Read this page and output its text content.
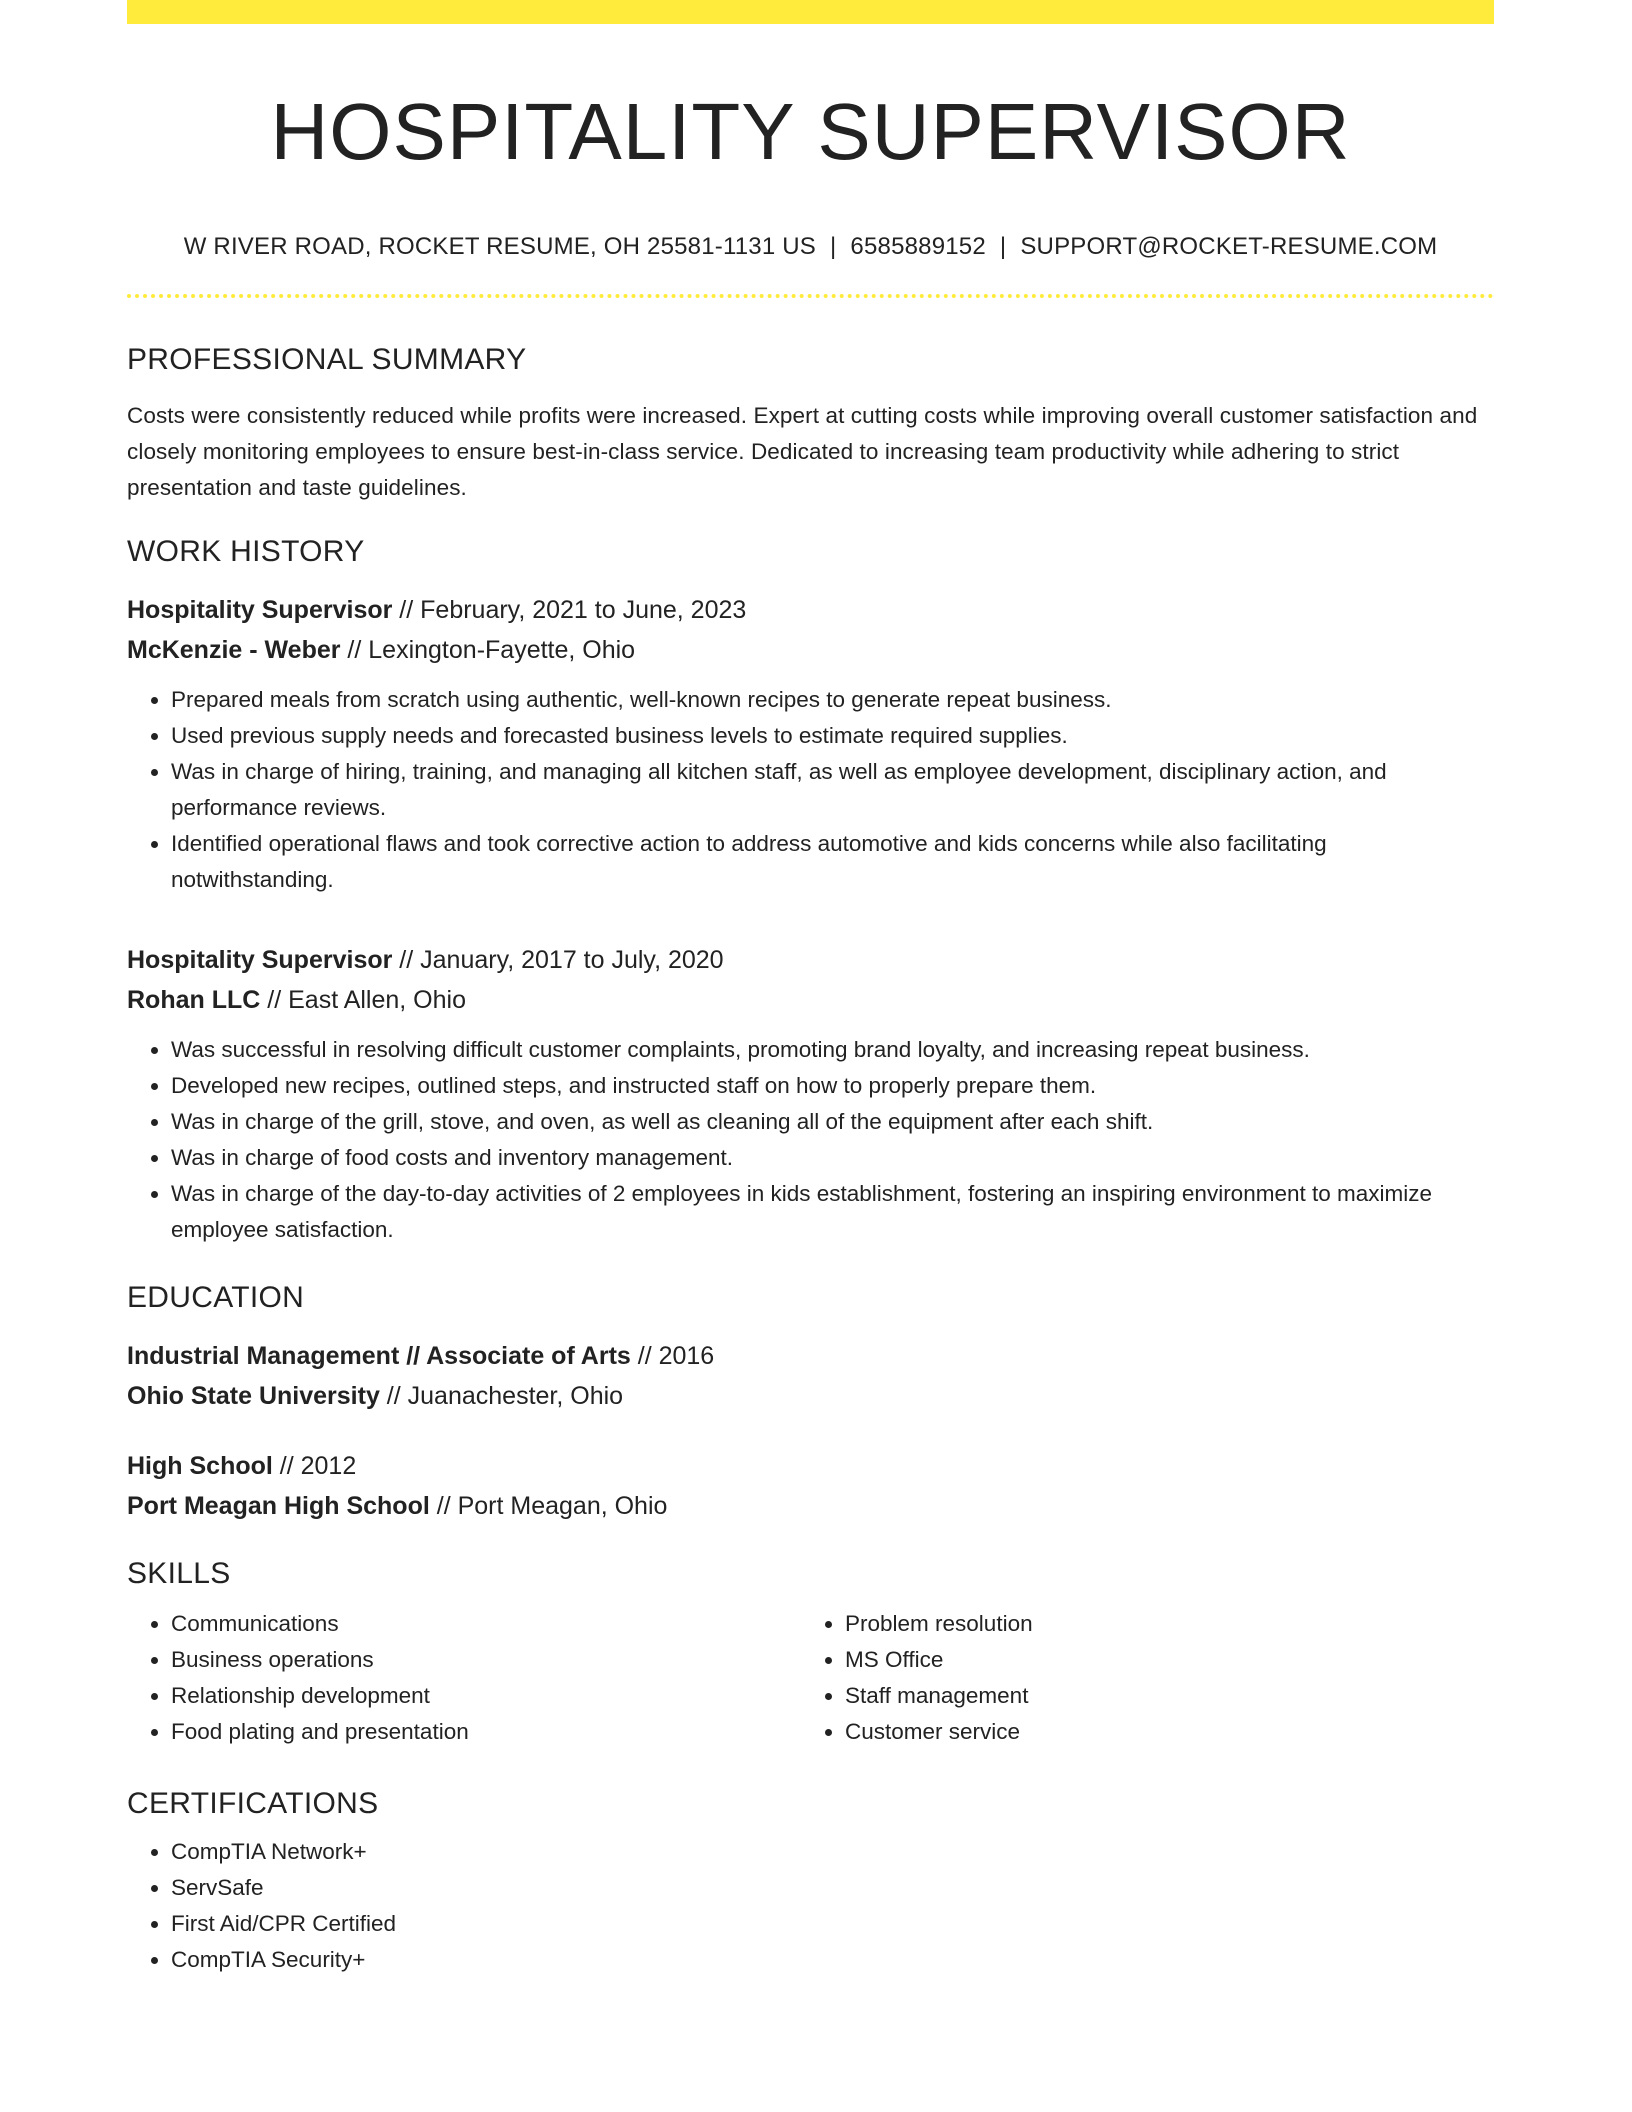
HOSPITALITY SUPERVISOR
W RIVER ROAD, ROCKET RESUME, OH 25581-1131 US | 6585889152 | SUPPORT@ROCKET-RESUME.COM
PROFESSIONAL SUMMARY
Costs were consistently reduced while profits were increased. Expert at cutting costs while improving overall customer satisfaction and closely monitoring employees to ensure best-in-class service. Dedicated to increasing team productivity while adhering to strict presentation and taste guidelines.
WORK HISTORY
Hospitality Supervisor // February, 2021 to June, 2023
McKenzie - Weber // Lexington-Fayette, Ohio
• Prepared meals from scratch using authentic, well-known recipes to generate repeat business.
• Used previous supply needs and forecasted business levels to estimate required supplies.
• Was in charge of hiring, training, and managing all kitchen staff, as well as employee development, disciplinary action, and performance reviews.
• Identified operational flaws and took corrective action to address automotive and kids concerns while also facilitating notwithstanding.
Hospitality Supervisor // January, 2017 to July, 2020
Rohan LLC // East Allen, Ohio
• Was successful in resolving difficult customer complaints, promoting brand loyalty, and increasing repeat business.
• Developed new recipes, outlined steps, and instructed staff on how to properly prepare them.
• Was in charge of the grill, stove, and oven, as well as cleaning all of the equipment after each shift.
• Was in charge of food costs and inventory management.
• Was in charge of the day-to-day activities of 2 employees in kids establishment, fostering an inspiring environment to maximize employee satisfaction.
EDUCATION
Industrial Management // Associate of Arts // 2016
Ohio State University // Juanachester, Ohio
High School // 2012
Port Meagan High School // Port Meagan, Ohio
SKILLS
• Communications
• Business operations
• Relationship development
• Food plating and presentation
• Problem resolution
• MS Office
• Staff management
• Customer service
CERTIFICATIONS
• CompTIA Network+
• ServSafe
• First Aid/CPR Certified
• CompTIA Security+
